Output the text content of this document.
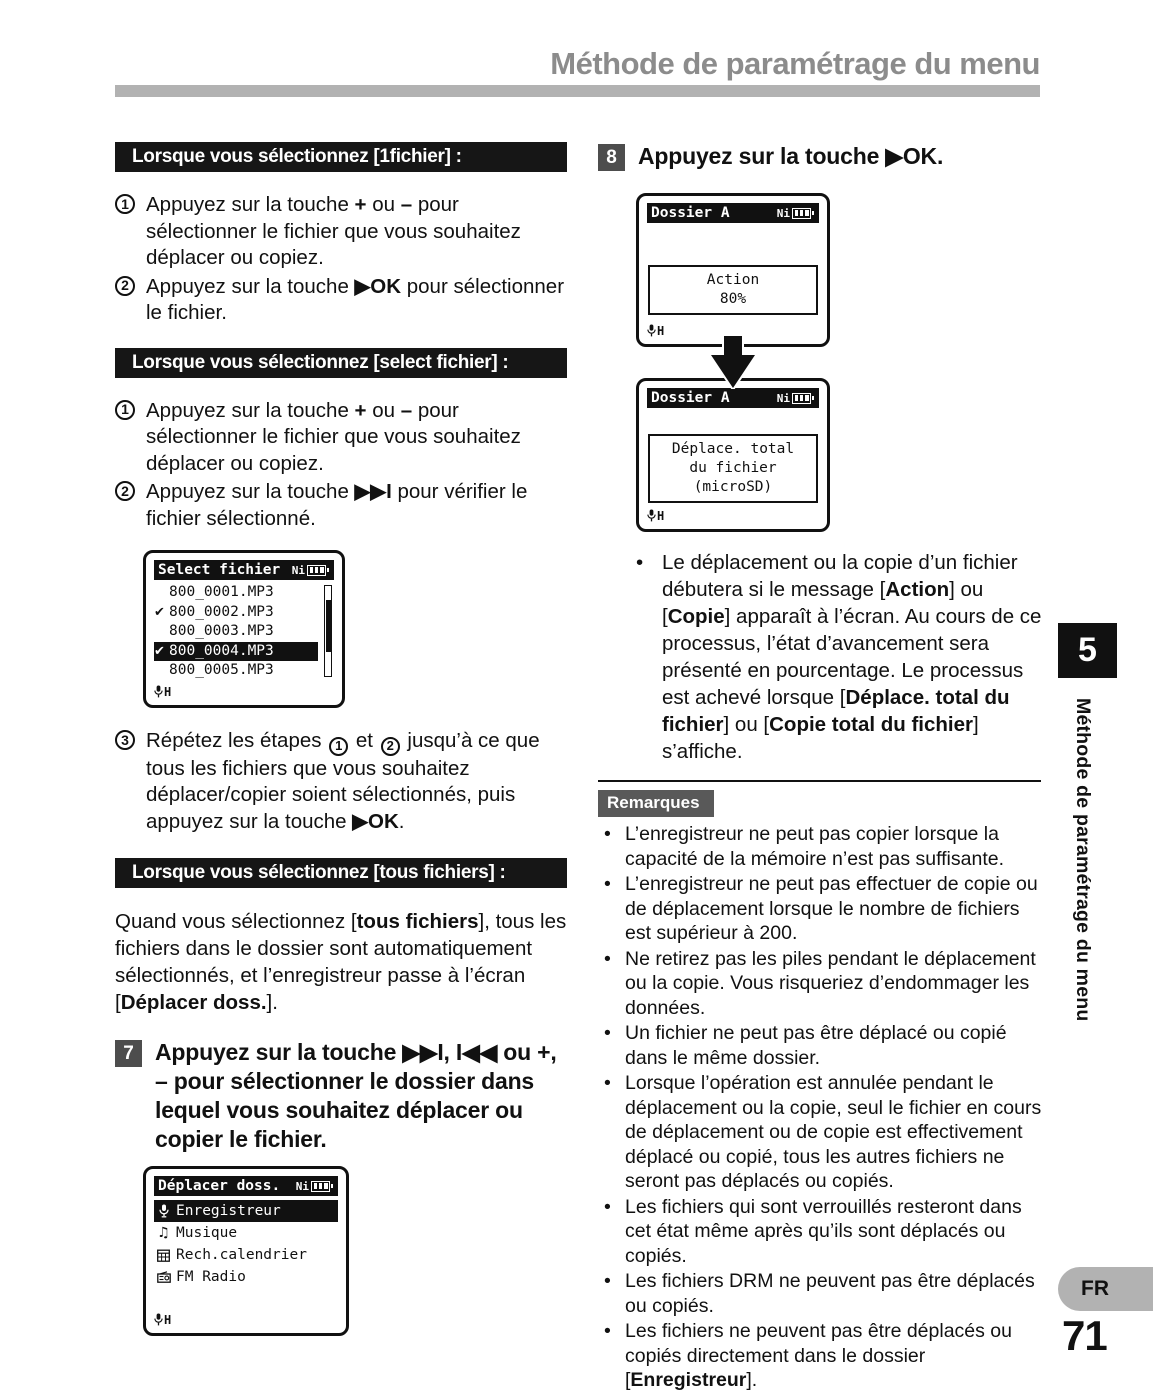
Méthode de paramétrage du menu
Lorsque vous sélectionnez [1fichier] :
1 Appuyez sur la touche + ou – pour sélectionner le fichier que vous souhaitez déplacer ou copiez.
2 Appuyez sur la touche ▶OK pour sélectionner le fichier.
Lorsque vous sélectionnez [select fichier] :
1 Appuyez sur la touche + ou – pour sélectionner le fichier que vous souhaitez déplacer ou copiez.
2 Appuyez sur la touche ▶▶I pour vérifier le fichier sélectionné.
Select fichier	Ni
800_0001.MP3
✔ 800_0002.MP3
800_0003.MP3
✔ 800_0004.MP3
800_0005.MP3
H
3 Répétez les étapes 1 et 2 jusqu’à ce que tous les fichiers que vous souhaitez déplacer/copier soient sélectionnés, puis appuyez sur la touche ▶OK.
Lorsque vous sélectionnez [tous fichiers] :
Quand vous sélectionnez [tous fichiers], tous les fichiers dans le dossier sont automatiquement sélectionnés, et l’enregistreur passe à l’écran [Déplacer doss.].
7 Appuyez sur la touche ▶▶I, I◀◀ ou +, – pour sélectionner le dossier dans lequel vous souhaitez déplacer ou copier le fichier.
Déplacer doss.	Ni
Enregistreur
♫ Musique
Rech.calendrier
FM Radio
H
8 Appuyez sur la touche ▶OK.
Dossier A	Ni
Action
80%
H
Dossier A	Ni
Déplace. total
du fichier
(microSD)
H
• Le déplacement ou la copie d’un fichier débutera si le message [Action] ou [Copie] apparaît à l’écran. Au cours de ce processus, l’état d’avancement sera présenté en pourcentage. Le processus est achevé lorsque [Déplace. total du fichier] ou [Copie total du fichier] s’affiche.
Remarques
• L’enregistreur ne peut pas copier lorsque la capacité de la mémoire n’est pas suffisante.
• L’enregistreur ne peut pas effectuer de copie ou de déplacement lorsque le nombre de fichiers est supérieur à 200.
• Ne retirez pas les piles pendant le déplacement ou la copie. Vous risqueriez d’endommager les données.
• Un fichier ne peut pas être déplacé ou copié dans le même dossier.
• Lorsque l’opération est annulée pendant le déplacement ou la copie, seul le fichier en cours de déplacement ou de copie est effectivement déplacé ou copié, tous les autres fichiers ne seront pas déplacés ou copiés.
• Les fichiers qui sont verrouillés resteront dans cet état même après qu’ils sont déplacés ou copiés.
• Les fichiers DRM ne peuvent pas être déplacés ou copiés.
• Les fichiers ne peuvent pas être déplacés ou copiés directement dans le dossier [Enregistreur].
5
Méthode de paramétrage du menu
FR
71
